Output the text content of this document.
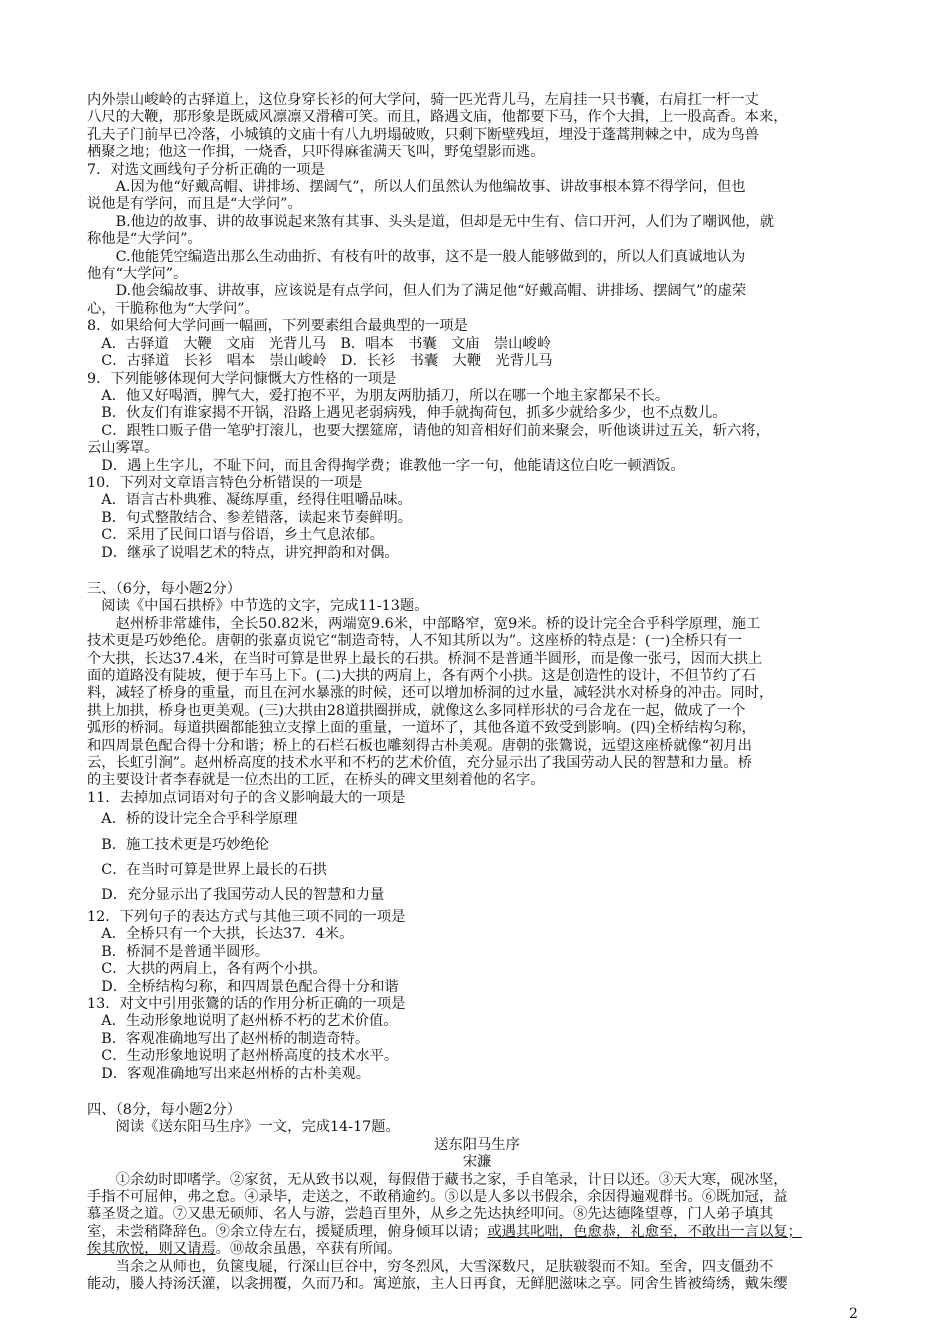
内外崇山峻岭的古驿道上，这位身穿长衫的何大学问，骑一匹光背儿马，左肩挂一只书囊，右肩扛一杆一丈

八尺的大鞭，那形象是既威风凛凛又滑稽可笑。而且，路遇文庙，他都要下马，作个大揖，上一股高香。本来，

孔夫子门前早已冷落，小城镇的文庙十有八九坍塌破败，只剩下断壁残垣，埋没于蓬蒿荆棘之中，成为鸟兽

栖聚之地；他这一作揖，一烧香，只吓得麻雀满天飞叫，野兔望影而逃。

7．对选文画线句子分析正确的一项是

A.因为他“好戴高帽、讲排场、摆阔气”，所以人们虽然认为他编故事、讲故事根本算不得学问，但也

说他是有学问，而且是“大学问”。

B.他边的故事、讲的故事说起来煞有其事、头头是道，但却是无中生有、信口开河，人们为了嘲讽他，就

称他是“大学问”。

C.他能凭空编造出那么生动曲折、有枝有叶的故事，这不是一般人能够做到的，所以人们真诚地认为

他有“大学问”。

D.他会编故事、讲故事，应该说是有点学问，但人们为了满足他“好戴高帽、讲排场、摆阔气”的虚荣

心，干脆称他为“大学问”。

8．如果给何大学问画一幅画，下列要素组合最典型的一项是

A．古驿道　大鞭　文庙　光背儿马　B．唱本　书囊　文庙　崇山峻岭

C．古驿道　长衫　唱本　崇山峻岭　D．长衫　书囊　大鞭　光背儿马

9．下列能够体现何大学问慷慨大方性格的一项是

A．他又好喝酒，脾气大，爱打抱不平，为朋友两肋插刀，所以在哪一个地主家都呆不长。

B．伙友们有谁家揭不开锅，沿路上遇见老弱病残，伸手就掏荷包，抓多少就给多少，也不点数儿。

C．跟牲口贩子借一笔驴打滚儿，也要大摆筵席，请他的知音相好们前来聚会，听他谈讲过五关，斩六将，

云山雾罩。

D．遇上生字儿，不耻下问，而且舍得掏学费；谁教他一字一句，他能请这位白吃一顿酒饭。

10．下列对文章语言特色分析错误的一项是

A．语言古朴典雅、凝练厚重，经得住咀嚼品味。

B．句式整散结合、参差错落，读起来节奏鲜明。

C．采用了民间口语与俗语，乡土气息浓郁。

D．继承了说唱艺术的特点，讲究押韵和对偶。

三、（6分，每小题2分）

阅读《中国石拱桥》中节选的文字，完成11-13题。

赵州桥非常雄伟，全长50.82米，两端宽9.6米，中部略窄，宽9米。桥的设计完全合乎科学原理，施工

技术更是巧妙绝伦。唐朝的张嘉贞说它“制造奇特，人不知其所以为”。这座桥的特点是：(一)全桥只有一

个大拱，长达37.4米，在当时可算是世界上最长的石拱。桥洞不是普通半圆形，而是像一张弓，因而大拱上

面的道路没有陡坡，便于车马上下。(二)大拱的两肩上，各有两个小拱。这是创造性的设计，不但节约了石

料，减轻了桥身的重量，而且在河水暴涨的时候，还可以增加桥洞的过水量，减轻洪水对桥身的冲击。同时，

拱上加拱，桥身也更美观。(三)大拱由28道拱圈拼成，就像这么多同样形状的弓合龙在一起，做成了一个

弧形的桥洞。每道拱圈都能独立支撑上面的重量，一道坏了，其他各道不致受到影响。(四)全桥结构匀称，

和四周景色配合得十分和谐；桥上的石栏石板也雕刻得古朴美观。唐朝的张鷟说，远望这座桥就像“初月出

云，长虹引涧”。赵州桥高度的技术水平和不朽的艺术价值，充分显示出了我国劳动人民的智慧和力量。桥

的主要设计者李春就是一位杰出的工匠，在桥头的碑文里刻着他的名字。

11．去掉加点词语对句子的含义影响最大的一项是

A．桥的设计完全合乎科学原理

B．施工技术更是巧妙绝伦

C．在当时可算是世界上最长的石拱

D．充分显示出了我国劳动人民的智慧和力量

12．下列句子的表达方式与其他三项不同的一项是

A．全桥只有一个大拱，长达37．4米。

B．桥洞不是普通半圆形。

C．大拱的两肩上，各有两个小拱。

D．全桥结构匀称，和四周景色配合得十分和谐

13．对文中引用张鷟的话的作用分析正确的一项是

A．生动形象地说明了赵州桥不朽的艺术价值。

B．客观准确地写出了赵州桥的制造奇特。

C．生动形象地说明了赵州桥高度的技术水平。

D．客观准确地写出来赵州桥的古朴美观。

四、（8分，每小题2分）

阅读《送东阳马生序》一文，完成14-17题。

送东阳马生序

宋濂

①余幼时即嗜学。②家贫，无从致书以观，每假借于藏书之家，手自笔录，计日以还。③天大寒，砚冰坚，

手指不可屈伸，弗之怠。④录毕，走送之，不敢稍逾约。⑤以是人多以书假余，余因得遍观群书。⑥既加冠，益

慕圣贤之道。⑦又患无硕师、名人与游，尝趋百里外，从乡之先达执经叩问。⑧先达德隆望尊，门人弟子填其

室，未尝稍降辞色。⑨余立侍左右，援疑质理，俯身倾耳以请；或遇其叱咄，色愈恭，礼愈至，不敢出一言以复；

俟其欣悦，则又请焉。⑩故余虽愚，卒获有所闻。

当余之从师也，负箧曳屣，行深山巨谷中，穷冬烈风，大雪深数尺，足肤皲裂而不知。至舍，四支僵劲不

能动，媵人持汤沃灌，以衾拥覆，久而乃和。寓逆旅，主人日再食，无鲜肥滋味之享。同舍生皆被绮绣，戴朱缨

2
